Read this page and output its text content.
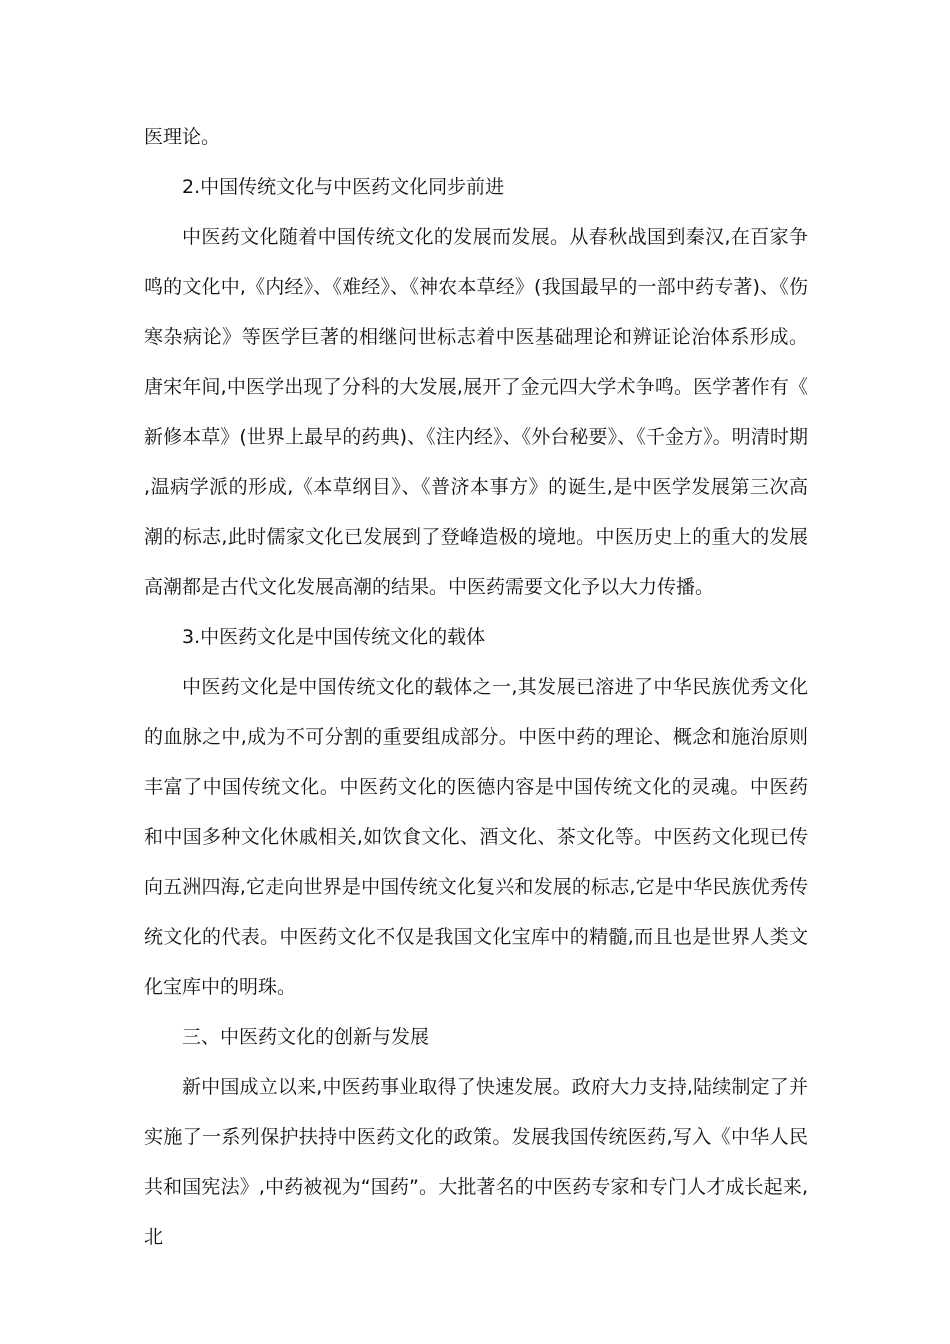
医理论。

2.中国传统文化与中医药文化同步前进

中医药文化随着中国传统文化的发展而发展。从春秋战国到秦汉,在百家争鸣的文化中,《内经》、《难经》、《神农本草经》(我国最早的一部中药专著)、《伤寒杂病论》等医学巨著的相继问世标志着中医基础理论和辨证论治体系形成。唐宋年间,中医学出现了分科的大发展,展开了金元四大学术争鸣。医学著作有《新修本草》(世界上最早的药典)、《注内经》、《外台秘要》、《千金方》。明清时期,温病学派的形成,《本草纲目》、《普济本事方》的诞生,是中医学发展第三次高潮的标志,此时儒家文化已发展到了登峰造极的境地。中医历史上的重大的发展高潮都是古代文化发展高潮的结果。中医药需要文化予以大力传播。

3.中医药文化是中国传统文化的载体

中医药文化是中国传统文化的载体之一,其发展已溶进了中华民族优秀文化的血脉之中,成为不可分割的重要组成部分。中医中药的理论、概念和施治原则丰富了中国传统文化。中医药文化的医德内容是中国传统文化的灵魂。中医药和中国多种文化休戚相关,如饮食文化、酒文化、茶文化等。中医药文化现已传向五洲四海,它走向世界是中国传统文化复兴和发展的标志,它是中华民族优秀传统文化的代表。中医药文化不仅是我国文化宝库中的精髓,而且也是世界人类文化宝库中的明珠。

三、中医药文化的创新与发展

新中国成立以来,中医药事业取得了快速发展。政府大力支持,陆续制定了并实施了一系列保护扶持中医药文化的政策。发展我国传统医药,写入《中华人民共和国宪法》,中药被视为“国药”。大批著名的中医药专家和专门人才成长起来,北
